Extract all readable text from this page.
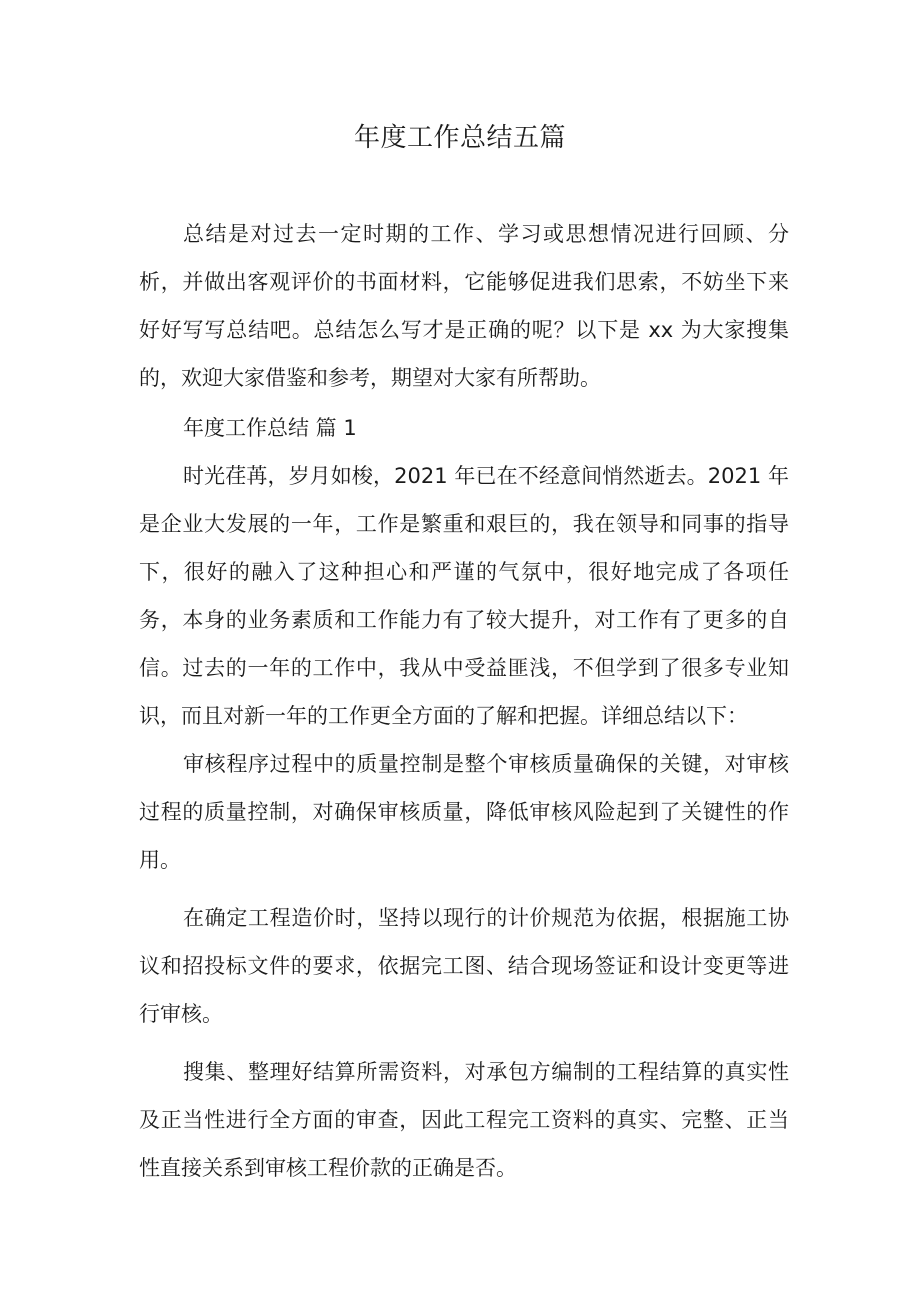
年度工作总结五篇

总结是对过去一定时期的工作、学习或思想情况进行回顾、分析，并做出客观评价的书面材料，它能够促进我们思索，不妨坐下来好好写写总结吧。总结怎么写才是正确的呢？以下是 xx 为大家搜集的，欢迎大家借鉴和参考，期望对大家有所帮助。

年度工作总结 篇 1

时光荏苒，岁月如梭，2021 年已在不经意间悄然逝去。2021 年是企业大发展的一年，工作是繁重和艰巨的，我在领导和同事的指导下，很好的融入了这种担心和严谨的气氛中，很好地完成了各项任务，本身的业务素质和工作能力有了较大提升，对工作有了更多的自信。过去的一年的工作中，我从中受益匪浅，不但学到了很多专业知识，而且对新一年的工作更全方面的了解和把握。详细总结以下：

审核程序过程中的质量控制是整个审核质量确保的关键，对审核过程的质量控制，对确保审核质量，降低审核风险起到了关键性的作用。

在确定工程造价时，坚持以现行的计价规范为依据，根据施工协议和招投标文件的要求，依据完工图、结合现场签证和设计变更等进行审核。

搜集、整理好结算所需资料，对承包方编制的工程结算的真实性及正当性进行全方面的审查，因此工程完工资料的真实、完整、正当性直接关系到审核工程价款的正确是否。
